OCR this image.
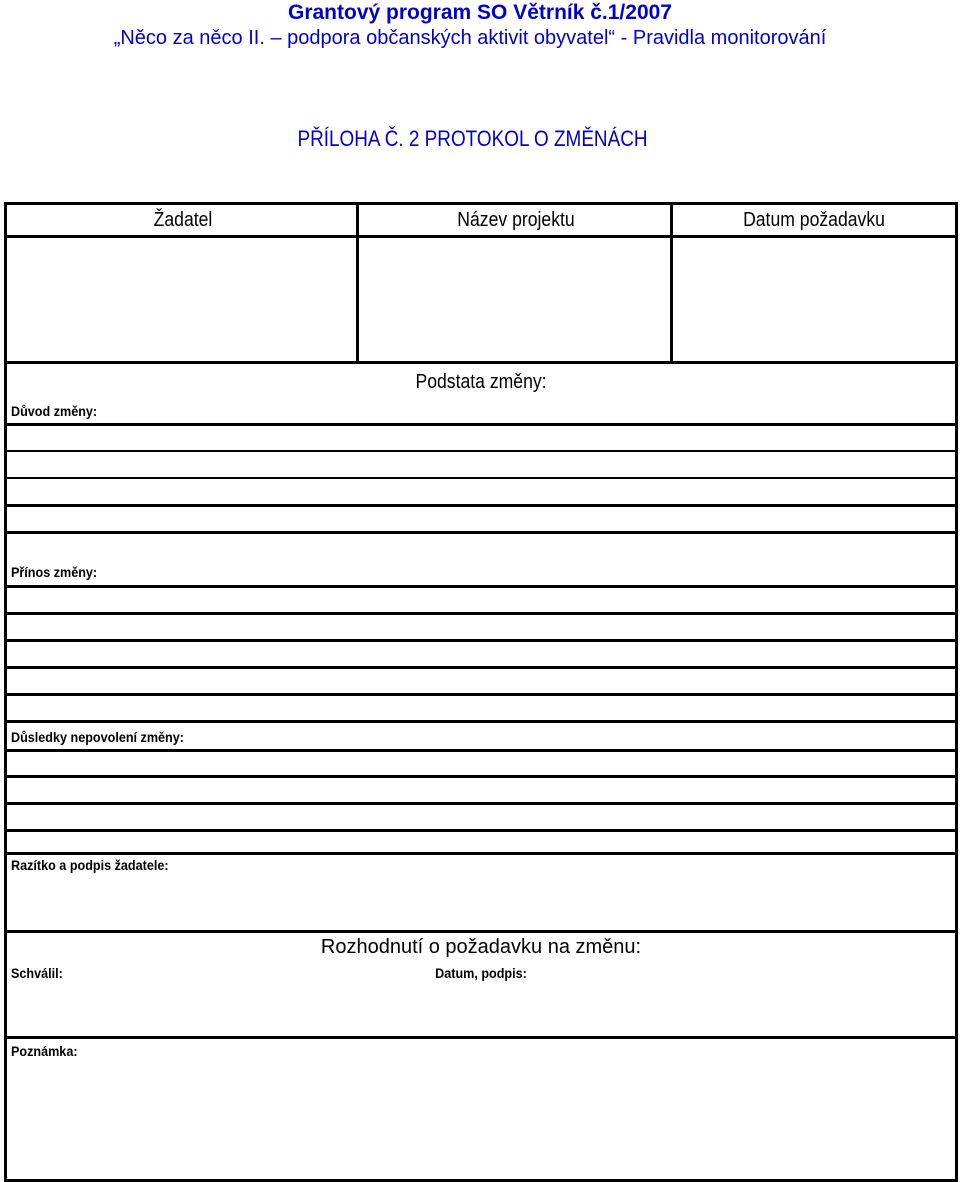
Grantový program SO Větrník č.1/2007
„Něco za něco II. – podpora občanských aktivit obyvatel“ - Pravidla monitorování
PŘÍLOHA Č. 2 PROTOKOL O ZMĚNÁCH
Žadatel	Název projektu	Datum požadavku
Podstata změny:
Důvod změny:
Přínos změny:
Důsledky nepovolení změny:
Razítko a podpis žadatele:
Rozhodnutí o požadavku na změnu:
Schválil:	Datum, podpis:
Poznámka:
